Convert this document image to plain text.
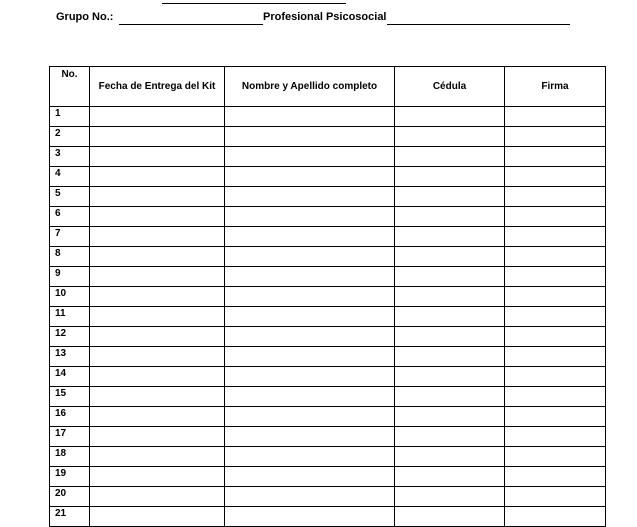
Grupo No.:	Profesional Psicosocial
No.	Fecha de Entrega del Kit	Nombre y Apellido completo	Cédula	Firma
1				
2				
3				
4				
5				
6				
7				
8				
9				
10				
11				
12				
13				
14				
15				
16				
17				
18				
19				
20				
21				
